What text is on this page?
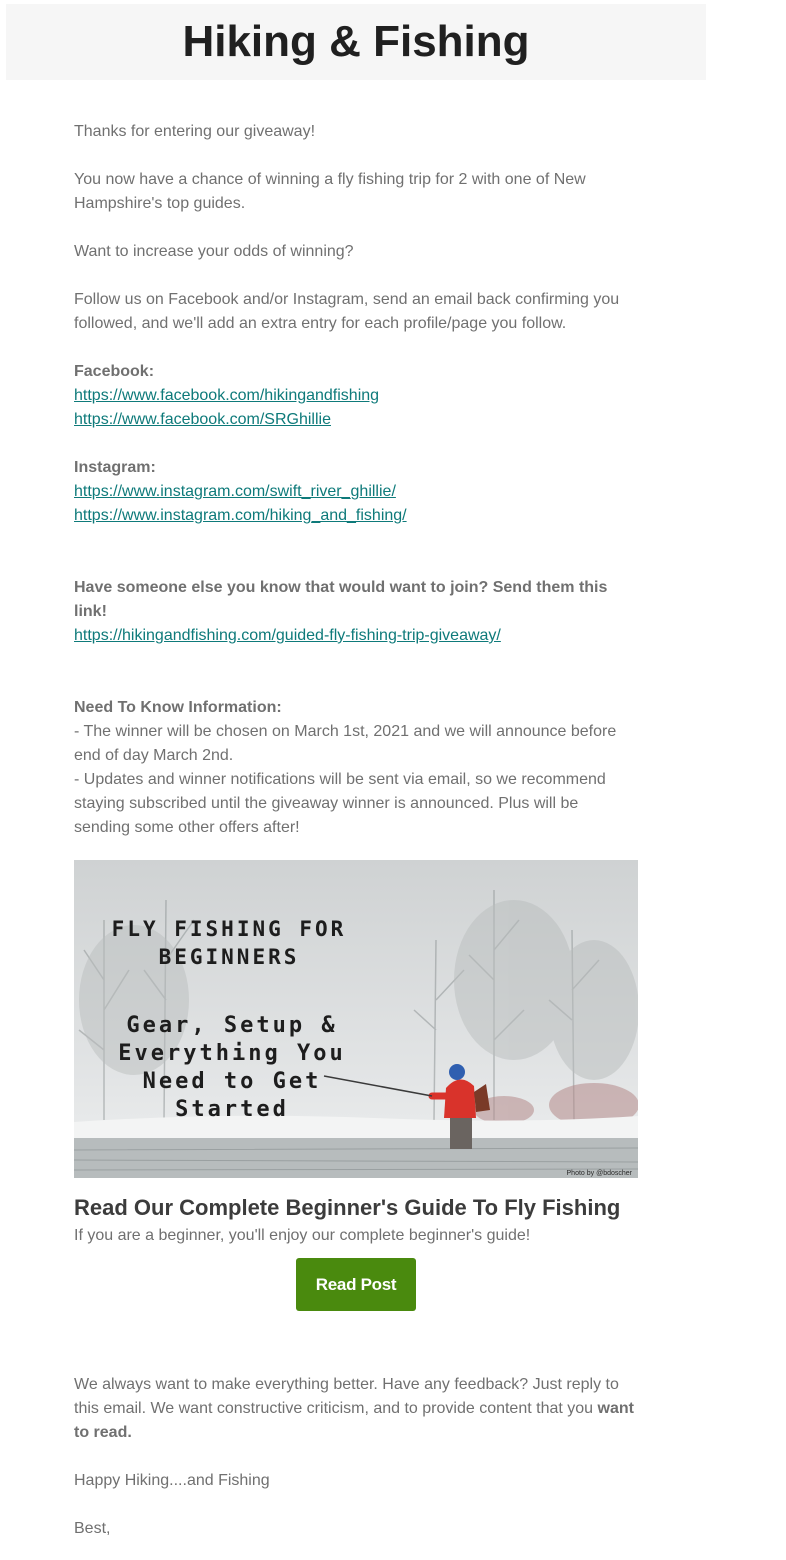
Hiking & Fishing

Thanks for entering our giveaway!

You now have a chance of winning a fly fishing trip for 2 with one of New Hampshire's top guides.

Want to increase your odds of winning?

Follow us on Facebook and/or Instagram, send an email back confirming you followed, and we'll add an extra entry for each profile/page you follow.

Facebook:

https://www.facebook.com/hikingandfishing
https://www.facebook.com/SRGhillie

Instagram:

https://www.instagram.com/swift_river_ghillie/
https://www.instagram.com/hiking_and_fishing/

Have someone else you know that would want to join? Send them this link!

https://hikingandfishing.com/guided-fly-fishing-trip-giveaway/

Need To Know Information:

- The winner will be chosen on March 1st, 2021 and we will announce before end of day March 2nd.

- Updates and winner notifications will be sent via email, so we recommend staying subscribed until the giveaway winner is announced. Plus will be sending some other offers after!

FLY FISHING FOR
BEGINNERS
Gear, Setup &
Everything You
Need to Get
Started
Photo by @bdoscher

Read Our Complete Beginner's Guide To Fly Fishing

If you are a beginner, you'll enjoy our complete beginner's guide!

Read Post

We always want to make everything better. Have any feedback? Just reply to this email. We want constructive criticism, and to provide content that you want to read.

Happy Hiking....and Fishing

Best,
